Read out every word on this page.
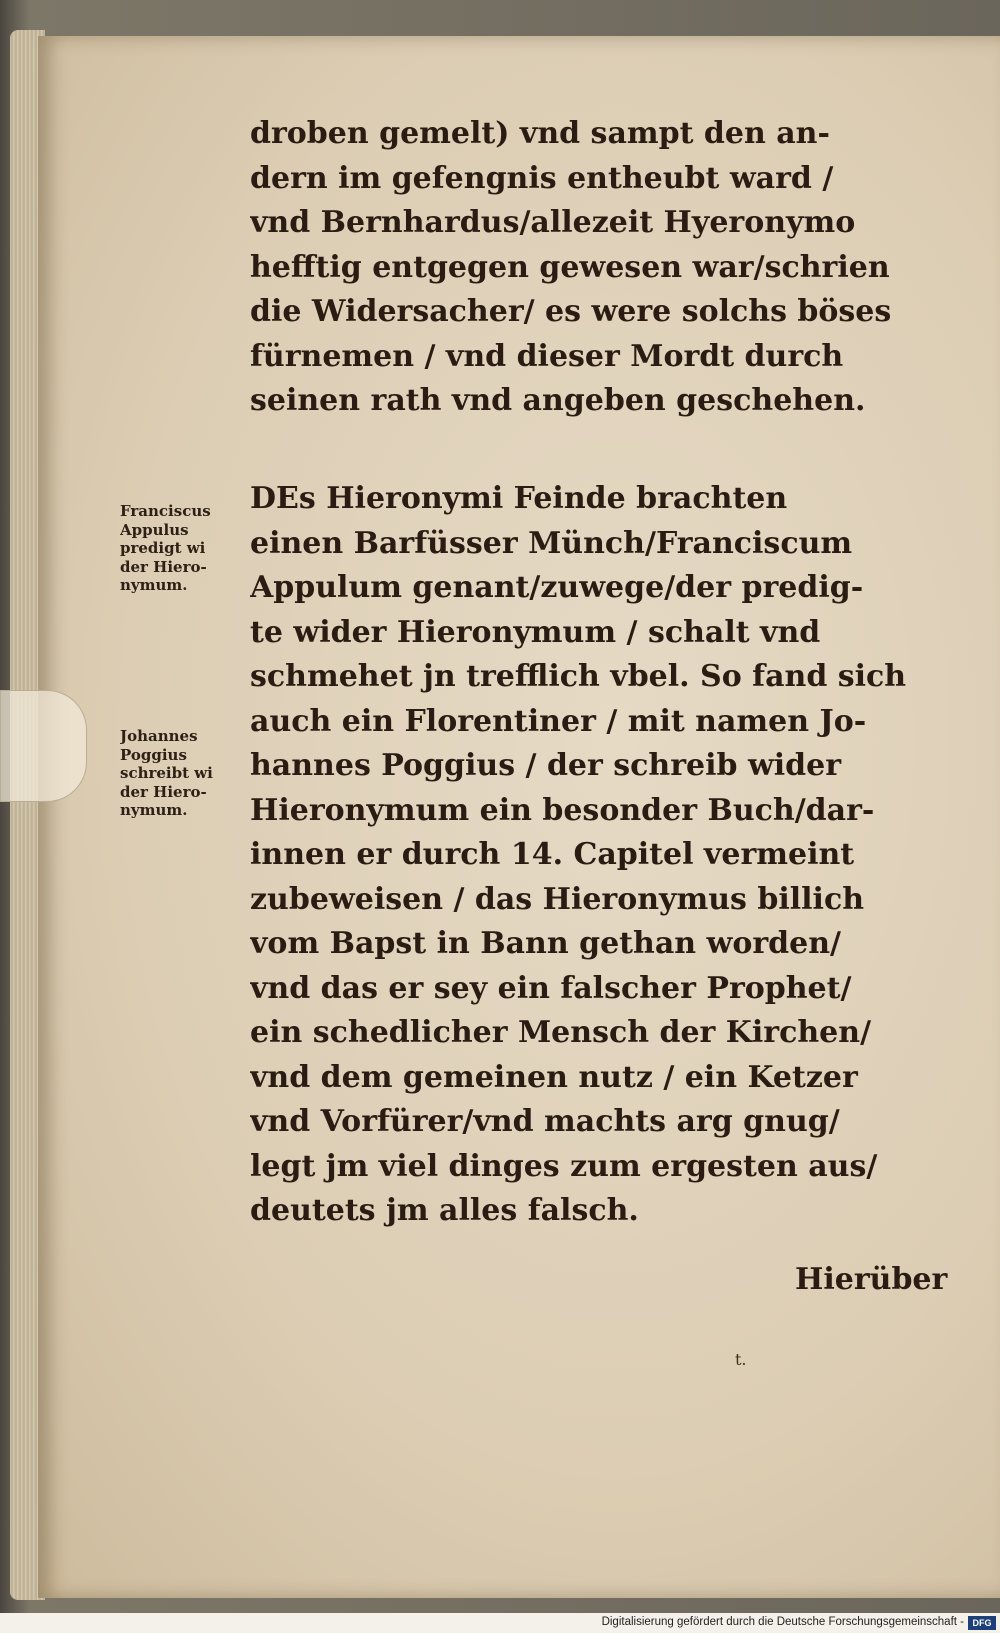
droben gemelt) vnd sampt den an-
dern im gefengnis entheubt ward /
vnd Bernhardus/allezeit Hyeronymo
hefftig entgegen gewesen war/schrien
die Widersacher/ es were solchs böses
fürnemen / vnd dieser Mordt durch
seinen rath vnd angeben geschehen.
DEs Hieronymi Feinde brachten
einen Barfüsser Münch/Franciscum
Appulum genant/zuwege/der predig-
te wider Hieronymum / schalt vnd
schmehet jn trefflich vbel. So fand sich
auch ein Florentiner / mit namen Jo-
hannes Poggius / der schreib wider
Hieronymum ein besonder Buch/dar-
innen er durch 14. Capitel vermeint
zubeweisen / das Hieronymus billich
vom Bapst in Bann gethan worden/
vnd das er sey ein falscher Prophet/
ein schedlicher Mensch der Kirchen/
vnd dem gemeinen nutz / ein Ketzer
vnd Vorfürer/vnd machts arg gnug/
legt jm viel dinges zum ergesten aus/
deutets jm alles falsch.
Franciscus
Appulus
predigt wi
der Hiero-
nymum.
Johannes
Poggius
schreibt wi
der Hiero-
nymum.
Hierüber
t.
Digitalisierung gefördert durch die Deutsche Forschungsgemeinschaft - DFG
